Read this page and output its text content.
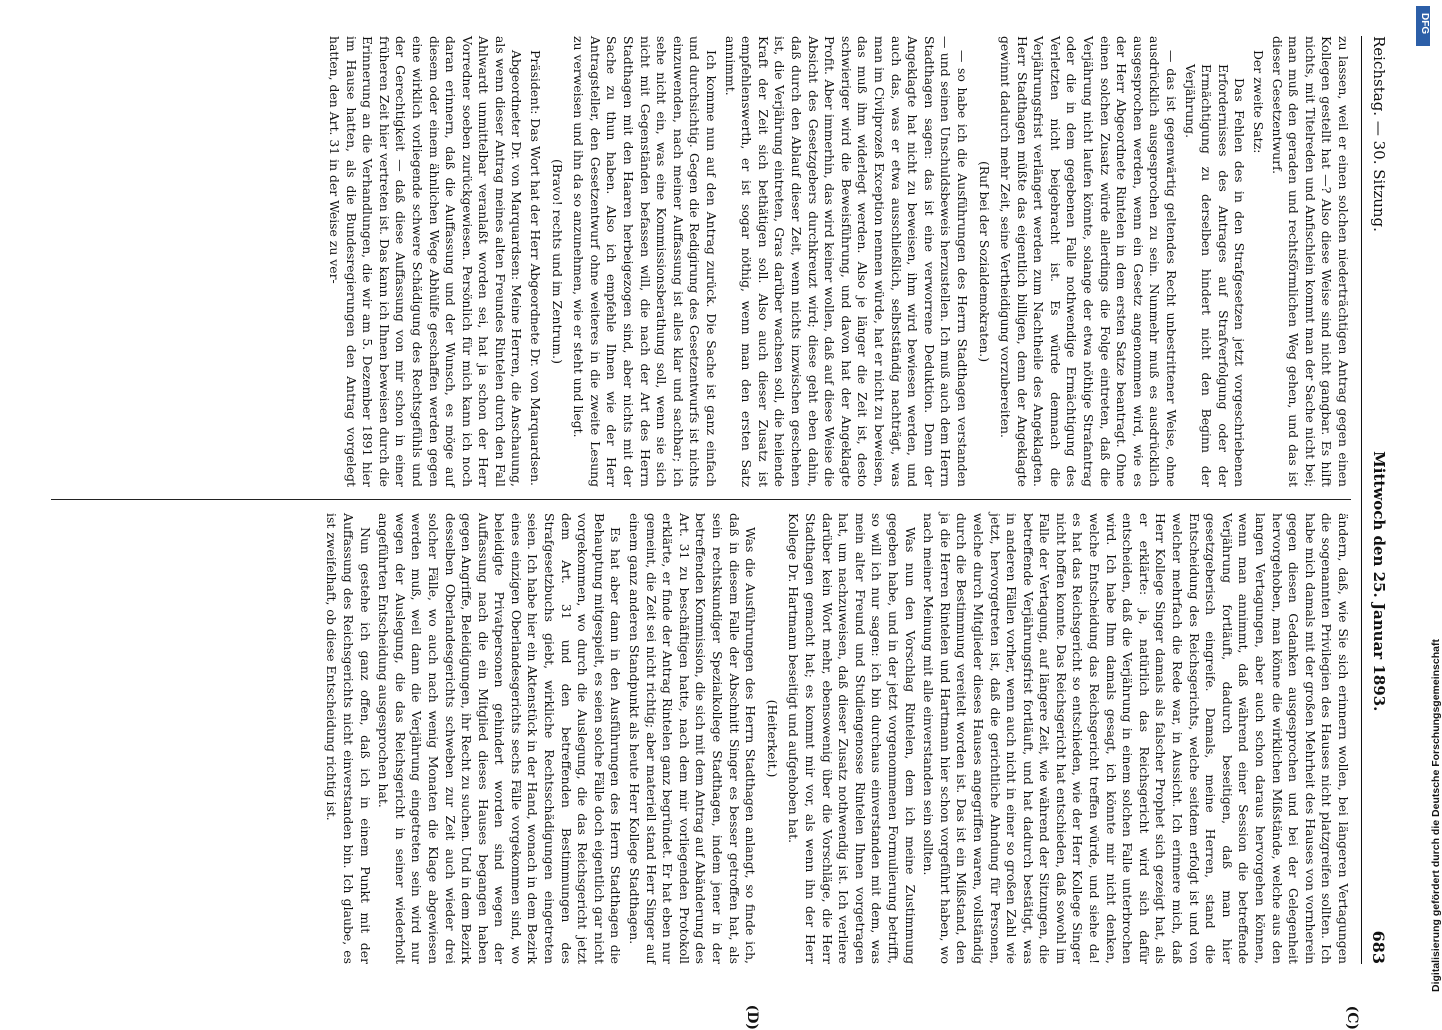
Reichstag. — 30. Sitzung.
Mittwoch den 25. Januar 1893.
683

zu lassen, weil er einen solchen niederträchtigen Antrag gegen einen Kollegen gestellt hat —? Also diese Weise sind nicht gangbar. Es hilft nichts, mit Titelreden und Anfischlein kommt man der Sache nicht bei; man muß den geraden und rechtsförmlichen Weg gehen, und das ist dieser Gesetzentwurf.

Der zweite Satz:

Das Fehlen des in den Strafgesetzen jetzt vorgeschriebenen Erfordernisses des Antrages auf Strafverfolgung oder der Ermächtigung zu derselben hindert nicht den Beginn der Verjährung.

— das ist gegenwärtig geltendes Recht unbestrittener Weise, ohne ausdrücklich ausgesprochen zu sein. Nunmehr muß es ausdrücklich ausgesprochen werden, wenn ein Gesetz angenommen wird, wie es der Herr Abgeordnete Rintelen in dem ersten Satze beantragt. Ohne einen solchen Zusatz würde allerdings die Folge eintreten, daß die Verjährung nicht laufen könnte, solange der etwa nöthige Strafantrag oder die in dem gegebenen Falle nothwendige Ermächtigung des Verletzten nicht beigebracht ist. Es würde demnach die Verjährungsfrist verlängert werden zum Nachtheile des Angeklagten. Herr Stadthagen müßte das eigentlich billigen, denn der Angeklagte gewinnt dadurch mehr Zeit, seine Vertheidigung vorzubereiten.

(Ruf bei der Sozialdemokraten.)

— so habe ich die Ausführungen des Herrn Stadthagen verstanden — und seinen Unschuldsbeweis herzustellen. Ich muß auch dem Herrn Stadthagen sagen: das ist eine verworrene Deduktion. Denn der Angeklagte hat nicht zu beweisen, ihm wird bewiesen werden, und auch das, was er etwa ausschließlich, selbstständig nachträgt, was man im Civilprozeß Exception nennen würde, hat er nicht zu beweisen, das muß ihm widerlegt werden. Also je länger die Zeit ist, desto schwieriger wird die Beweisführung, und davon hat der Angeklagte Profit. Aber immerhin, das wird keiner wollen, daß auf diese Weise die Absicht des Gesetzgebers durchkreuzt wird; diese geht eben dahin, daß durch den Ablauf dieser Zeit, wenn nichts inzwischen geschehen ist, die Verjährung eintreten, Gras darüber wachsen soll, die heilende Kraft der Zeit sich bethätigen soll. Also auch dieser Zusatz ist empfehlenswerth, er ist sogar nöthig, wenn man den ersten Satz annimmt.

Ich komme nun auf den Antrag zurück. Die Sache ist ganz einfach und durchsichtig. Gegen die Redigirung des Gesetzentwurfs ist nichts einzuwenden, nach meiner Auffassung ist alles klar und sachbar; ich sehe nicht ein, was eine Kommissionsberathung soll, wenn sie sich nicht mit Gegenständen befassen will, die nach der Art des Herrn Stadthagen mit den Haaren herbeigezogen sind, aber nichts mit der Sache zu thun haben. Also ich empfehle Ihnen wie der Herr Antragsteller, den Gesetzentwurf ohne weiteres in die zweite Lesung zu verweisen und ihn da so anzunehmen, wie er steht und liegt.

(Bravo! rechts und im Zentrum.)

Präsident: Das Wort hat der Herr Abgeordnete Dr. von Marquardsen.

Abgeordneter Dr. von Marquardsen: Meine Herren, die Anschauung, als wenn dieser Antrag meines alten Freundes Rintelen durch den Fall Ahlwardt unmittelbar veranlaßt worden sei, hat ja schon der Herr Vorredner soeben zurückgewiesen. Persönlich für mich kann ich noch daran erinnern, daß die Auffassung und der Wunsch, es möge auf diesem oder einem ähnlichen Wege Abhülfe geschaffen werden gegen eine wirklich vorliegende schwere Schädigung des Rechtsgefühls und der Gerechtigkeit — daß diese Auffassung von mir schon in einer früheren Zeit hier vertreten ist. Das kann ich Ihnen beweisen durch die Erinnerung an die Verhandlungen, die wir am 5. Dezember 1891 hier im Hause hatten, als die Bundesregierungen den Antrag vorgelegt hatten, den Art. 31 in der Weise zu ver-

ändern, daß, wie Sie sich erinnern wollen, bei längeren Vertagungen die sogenannten Privilegien des Hauses nicht platzgreifen sollten. Ich habe mich damals mit der großen Mehrheit des Hauses von vornherein gegen diesen Gedanken ausgesprochen und bei der Gelegenheit hervorgehoben, man könne die wirklichen Mißstände, welche aus den langen Vertagungen, aber auch schon daraus hervorgehen können, wenn man annimmt, daß während einer Session die betreffende Verjährung fortläuft, dadurch beseitigen, daß man hier gesetzgeberisch eingreife. Damals, meine Herren, stand die Entscheidung des Reichsgerichts, welche seitdem erfolgt ist und von welcher mehrfach die Rede war, in Aussicht. Ich erinnere mich, daß Herr Kollege Singer damals als falscher Prophet sich gezeigt hat, als er erklärte: ja, natürlich das Reichsgericht wird sich dafür entscheiden, daß die Verjährung in einem solchen Falle unterbrochen wird. Ich habe Ihm damals gesagt, ich könnte mir nicht denken, welche Entscheidung das Reichsgericht treffen würde, und siehe da! es hat das Reichsgericht so entschieden, wie der Herr Kollege Singer nicht hoffen konnte. Das Reichsgericht hat entschieden, daß sowohl im Falle der Vertagung, auf längere Zeit, wie während der Sitzungen, die betreffende Verjährungsfrist fortläuft, und hat dadurch bestätigt, was in anderen Fällen vorher, wenn auch nicht in einer so großen Zahl wie jetzt, hervorgetreten ist, daß die gerichtliche Ahndung für Personen, welche durch Mitglieder dieses Hauses angegriffen waren, vollständig durch die Bestimmung vereitelt worden ist. Das ist ein Mißstand, den ja die Herren Rintelen und Hartmann hier schon vorgeführt haben, wo nach meiner Meinung mit alle einverstanden sein sollten.

Was nun den Vorschlag Rintelen, dem ich meine Zustimmung gegeben habe, und in der jetzt vorgenommenen Formulierung betrifft, so will ich nur sagen: ich bin durchaus einverstanden mit dem, was mein alter Freund und Studiengenosse Rintelen Ihnen vorgetragen hat, um nachzuweisen, daß dieser Zusatz nothwendig ist. Ich verliere darüber kein Wort mehr, ebensowenig über die Vorschläge, die Herr Stadthagen gemacht hat; es kommt mir vor, als wenn ihn der Herr Kollege Dr. Hartmann beseitigt und aufgehoben hat.

(Heiterkeit.)

Was die Ausführungen des Herrn Stadthagen anlangt, so finde ich, daß in diesem Falle der Abschnitt Singer es besser getroffen hat, als sein rechtskundiger Spezialkollege Stadthagen, indem jener in der betreffenden Kommission, die sich mit dem Antrag auf Abänderung des Art. 31 zu beschäftigen hatte, nach dem mir vorliegenden Protokoll erklärte, er finde der Antrag Rintelen ganz begründet. Er hat eben nur gemeint, die Zeit sei nicht richtig; aber materiell stand Herr Singer auf einem ganz anderen Standpunkt als heute Herr Kollege Stadthagen.

Es hat aber dann in den Ausführungen des Herrn Stadthagen die Behauptung mitgespielt, es seien solche Fälle doch eigentlich gar nicht vorgekommen, wo durch die Auslegung, die das Reichsgericht jetzt dem Art. 31 und den betreffenden Bestimmungen des Strafgesetzbuchs giebt, wirkliche Rechtsschädigungen eingetreten seien. Ich habe hier ein Aktenstück in der Hand, wonach in dem Bezirk eines einzigen Oberlandesgerichts sechs Fälle vorgekommen sind, wo beleidigte Privatpersonen gehindert worden sind wegen der Auffassung nach die ein Mitglied dieses Hauses begangen haben gegen Angriffe, Beleidigungen, ihr Recht zu suchen. Und in dem Bezirk desselben Oberlandesgerichts schweben zur Zeit auch wieder drei solcher Fälle, wo auch nach wenig Monaten die Klage abgewiesen werden muß, weil dann die Verjährung eingetreten sein wird nur wegen der Auslegung, die das Reichsgericht in seiner wiederholt angeführten Entscheidung ausgesprochen hat.

Nun gestehe ich ganz offen, daß ich in einem Punkt mit der Auffassung des Reichsgerichts nicht einverstanden bin. Ich glaube, es ist zweifelhaft, ob diese Entscheidung richtig ist.

(C)
(D)
Digitalisierung gefördert durch die Deutsche Forschungsgemeinschaft
DFG
